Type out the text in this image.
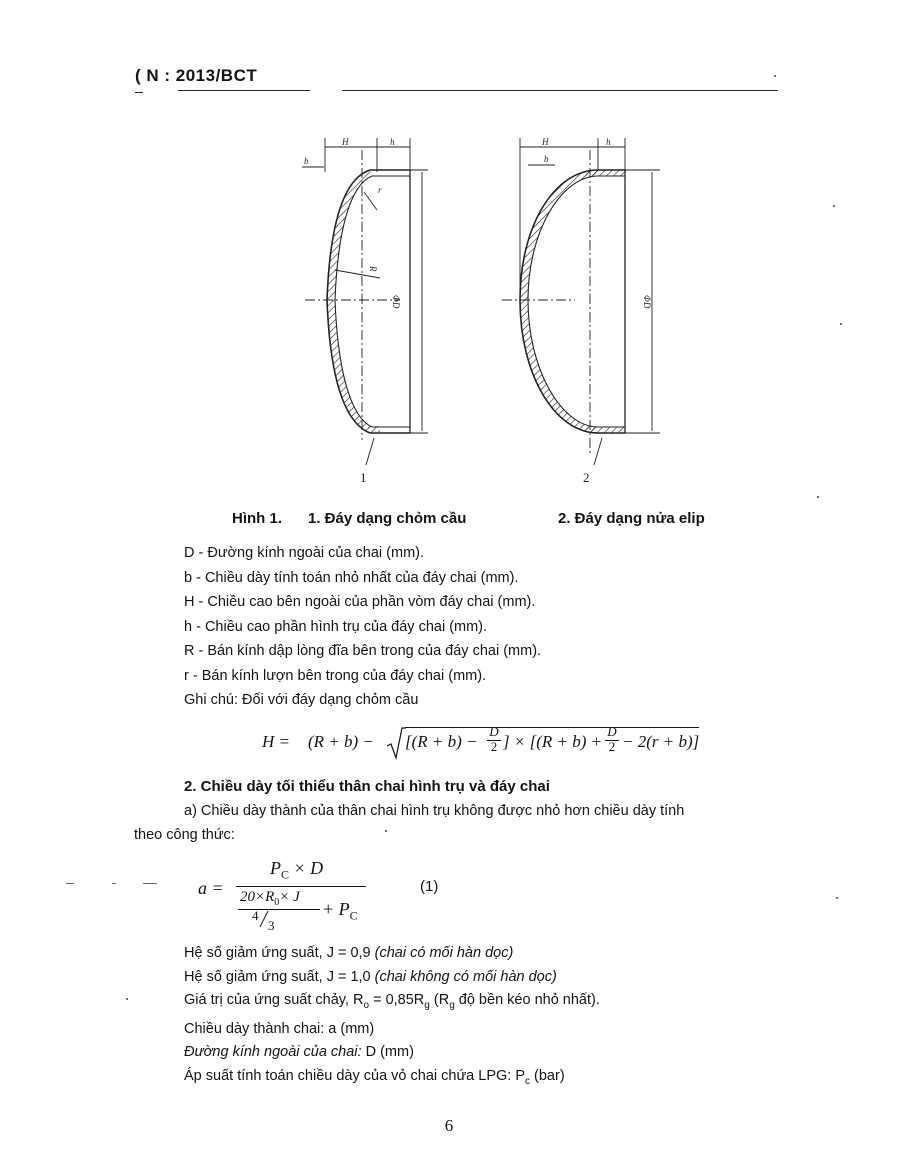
( N : 2013/BCT
H	h
b
R
r
ΦD
H	h
b
ΦD
1	2
Hình 1. 1. Đáy dạng chỏm cầu	2. Đáy dạng nửa elip
D - Đường kính ngoài của chai (mm).
b - Chiều dày tính toán nhỏ nhất của đáy chai (mm).
H - Chiều cao bên ngoài của phần vòm đáy chai (mm).
h - Chiều cao phần hình trụ của đáy chai (mm).
R - Bán kính dập lòng đĩa bên trong của đáy chai (mm).
r - Bán kính lượn bên trong của đáy chai (mm).
Ghi chú: Đối với đáy dạng chỏm cầu
H = (R + b) − [(R + b) −
D
2 ] × [(R + b) +
D
2 − 2(r + b)]
2. Chiều dày tối thiểu thân chai hình trụ và đáy chai
a) Chiều dày thành của thân chai hình trụ không được nhỏ hơn chiều dày tính
theo công thức:
a =
$P_C \times D$
$20\times R_0\times J$
4
3
+ $P_C$
(1)
Hệ số giảm ứng suất, J = 0,9 (chai có mối hàn dọc)
Hệ số giảm ứng suất, J = 1,0 (chai không có mối hàn dọc)
Giá trị của ứng suất chảy, $R_o = 0,85R_g$ ($R_g$ độ bền kéo nhỏ nhất).
Chiều dày thành chai: a (mm)
Đường kính ngoài của chai: D (mm)
Áp suất tính toán chiều dày của vỏ chai chứa LPG: $P_c$ (bar)
6
